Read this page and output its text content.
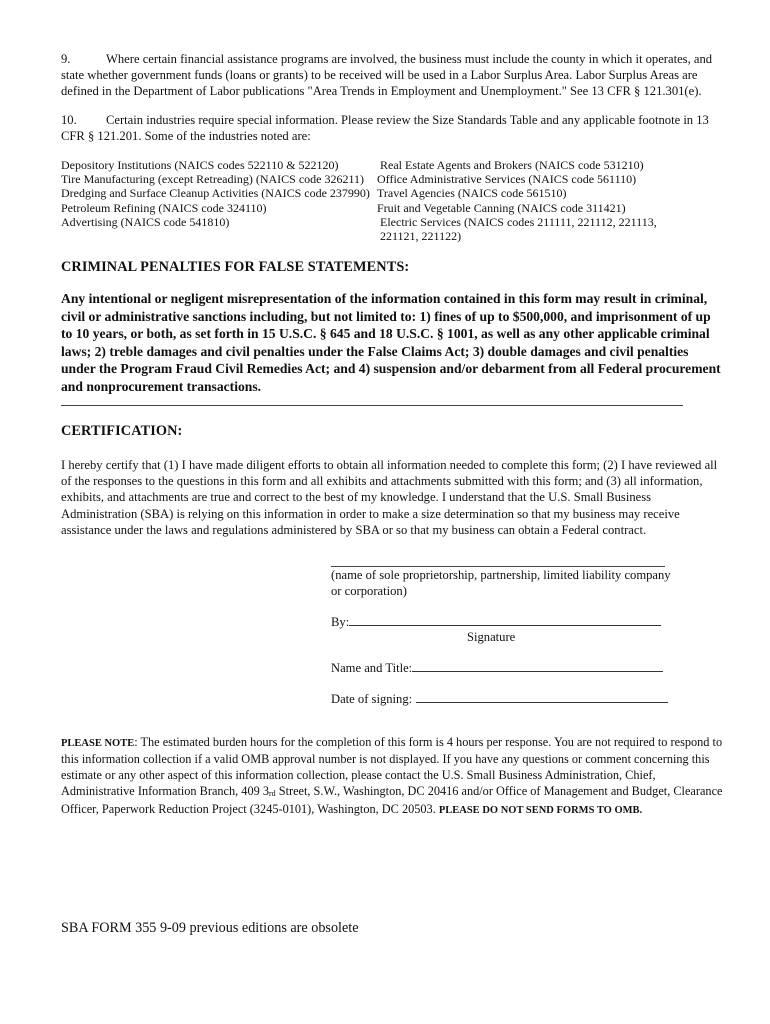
9.	Where certain financial assistance programs are involved, the business must include the county in which it operates, and state whether government funds (loans or grants) to be received will be used in a Labor Surplus Area. Labor Surplus Areas are defined in the Department of Labor publications "Area Trends in Employment and Unemployment." See 13 CFR § 121.301(e).

10. Certain industries require special information. Please review the Size Standards Table and any applicable footnote in 13 CFR § 121.201. Some of the industries noted are:

Depository Institutions (NAICS codes 522110 & 522120)
Tire Manufacturing (except Retreading) (NAICS code 326211)
Dredging and Surface Cleanup Activities (NAICS code 237990)
Petroleum Refining (NAICS code 324110)
Advertising (NAICS code 541810)
Real Estate Agents and Brokers (NAICS code 531210)
Office Administrative Services (NAICS code 561110)
Travel Agencies (NAICS code 561510)
Fruit and Vegetable Canning (NAICS code 311421)
Electric Services (NAICS codes 211111, 221112, 221113,
221121, 221122)
CRIMINAL PENALTIES FOR FALSE STATEMENTS:
Any intentional or negligent misrepresentation of the information contained in this form may result in criminal, civil or administrative sanctions including, but not limited to: 1) fines of up to $500,000, and imprisonment of up to 10 years, or both, as set forth in 15 U.S.C. § 645 and 18 U.S.C. § 1001, as well as any other applicable criminal laws; 2) treble damages and civil penalties under the False Claims Act; 3) double damages and civil penalties under the Program Fraud Civil Remedies Act; and 4) suspension and/or debarment from all Federal procurement and nonprocurement transactions.
CERTIFICATION:

I hereby certify that (1) I have made diligent efforts to obtain all information needed to complete this form; (2) I have reviewed all of the responses to the questions in this form and all exhibits and attachments submitted with this form; and (3) all information, exhibits, and attachments are true and correct to the best of my knowledge. I understand that the U.S. Small Business Administration (SBA) is relying on this information in order to make a size determination so that my business may receive assistance under the laws and regulations administered by SBA or so that my business can obtain a Federal contract.

(name of sole proprietorship, partnership, limited liability company
or corporation)
By:
Signature
Name and Title:
Date of signing:
PLEASE NOTE: The estimated burden hours for the completion of this form is 4 hours per response. You are not required to respond to this information collection if a valid OMB approval number is not displayed. If you have any questions or comment concerning this estimate or any other aspect of this information collection, please contact the U.S. Small Business Administration, Chief, Administrative Information Branch, 409 $3_{rd}$ Street, S.W., Washington, DC 20416 and/or Office of Management and Budget, Clearance Officer, Paperwork Reduction Project (3245-0101), Washington, DC 20503. PLEASE DO NOT SEND FORMS TO OMB.
SBA FORM 355 9-09 previous editions are obsolete
